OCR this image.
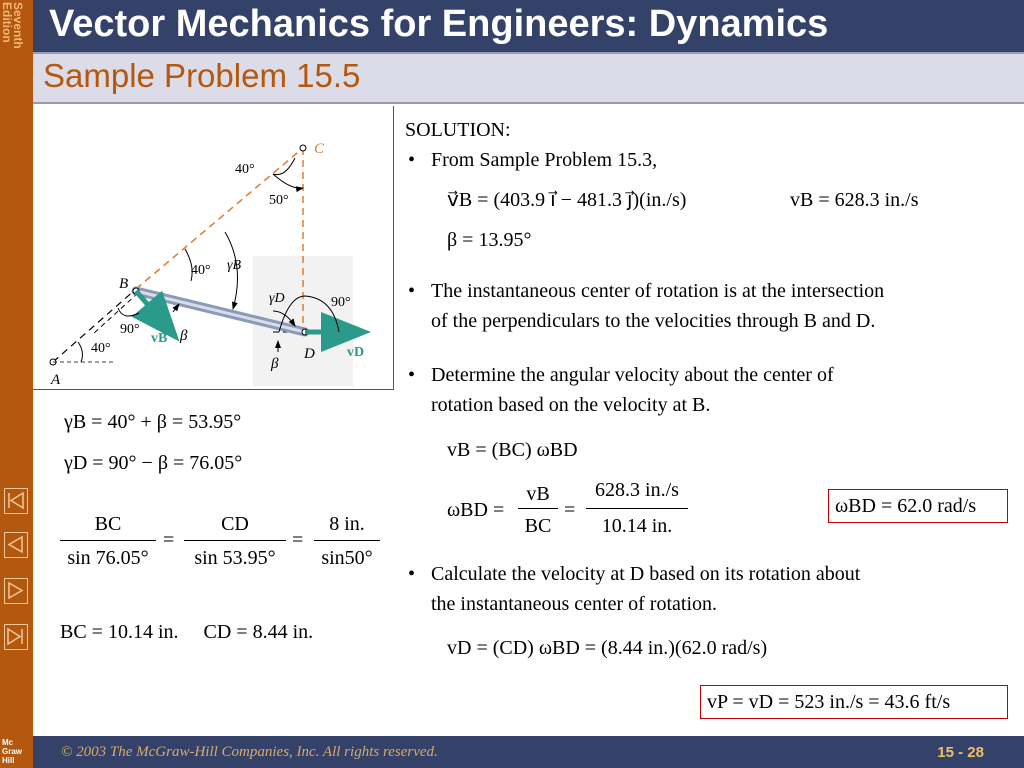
Seventh
Edition Vector Mechanics for Engineers: Dynamics
Sample Problem 15.5
A
B
C
D
40°
50°
40° γB
γD	90°
90°
40°
β
β
vB
vD
γB = 40° + β = 53.95°
γD = 90° − β = 76.05°
BC
sin 76.05°
=
CD
sin 53.95°
=
8 in.
sin50°
BC = 10.14 in.     CD = 8.44 in.
SOLUTION:
• From Sample Problem 15.3,
v⃗B = (403.9 i⃗ − 481.3 j⃗)(in./s)	vB = 628.3 in./s
β = 13.95°
• The instantaneous center of rotation is at the intersection
of the perpendiculars to the velocities through B and D.
• Determine the angular velocity about the center of
rotation based on the velocity at B.
vB = (BC) ωBD
ωBD =
vB
BC
=
628.3 in./s
10.14 in.
ωBD = 62.0 rad/s
• Calculate the velocity at D based on its rotation about
the instantaneous center of rotation.
vD = (CD) ωBD = (8.44 in.)(62.0 rad/s)
vP = vD = 523 in./s = 43.6 ft/s
© 2003 The McGraw-Hill Companies, Inc. All rights reserved.	15 - 28
Mc
Graw
Hill
